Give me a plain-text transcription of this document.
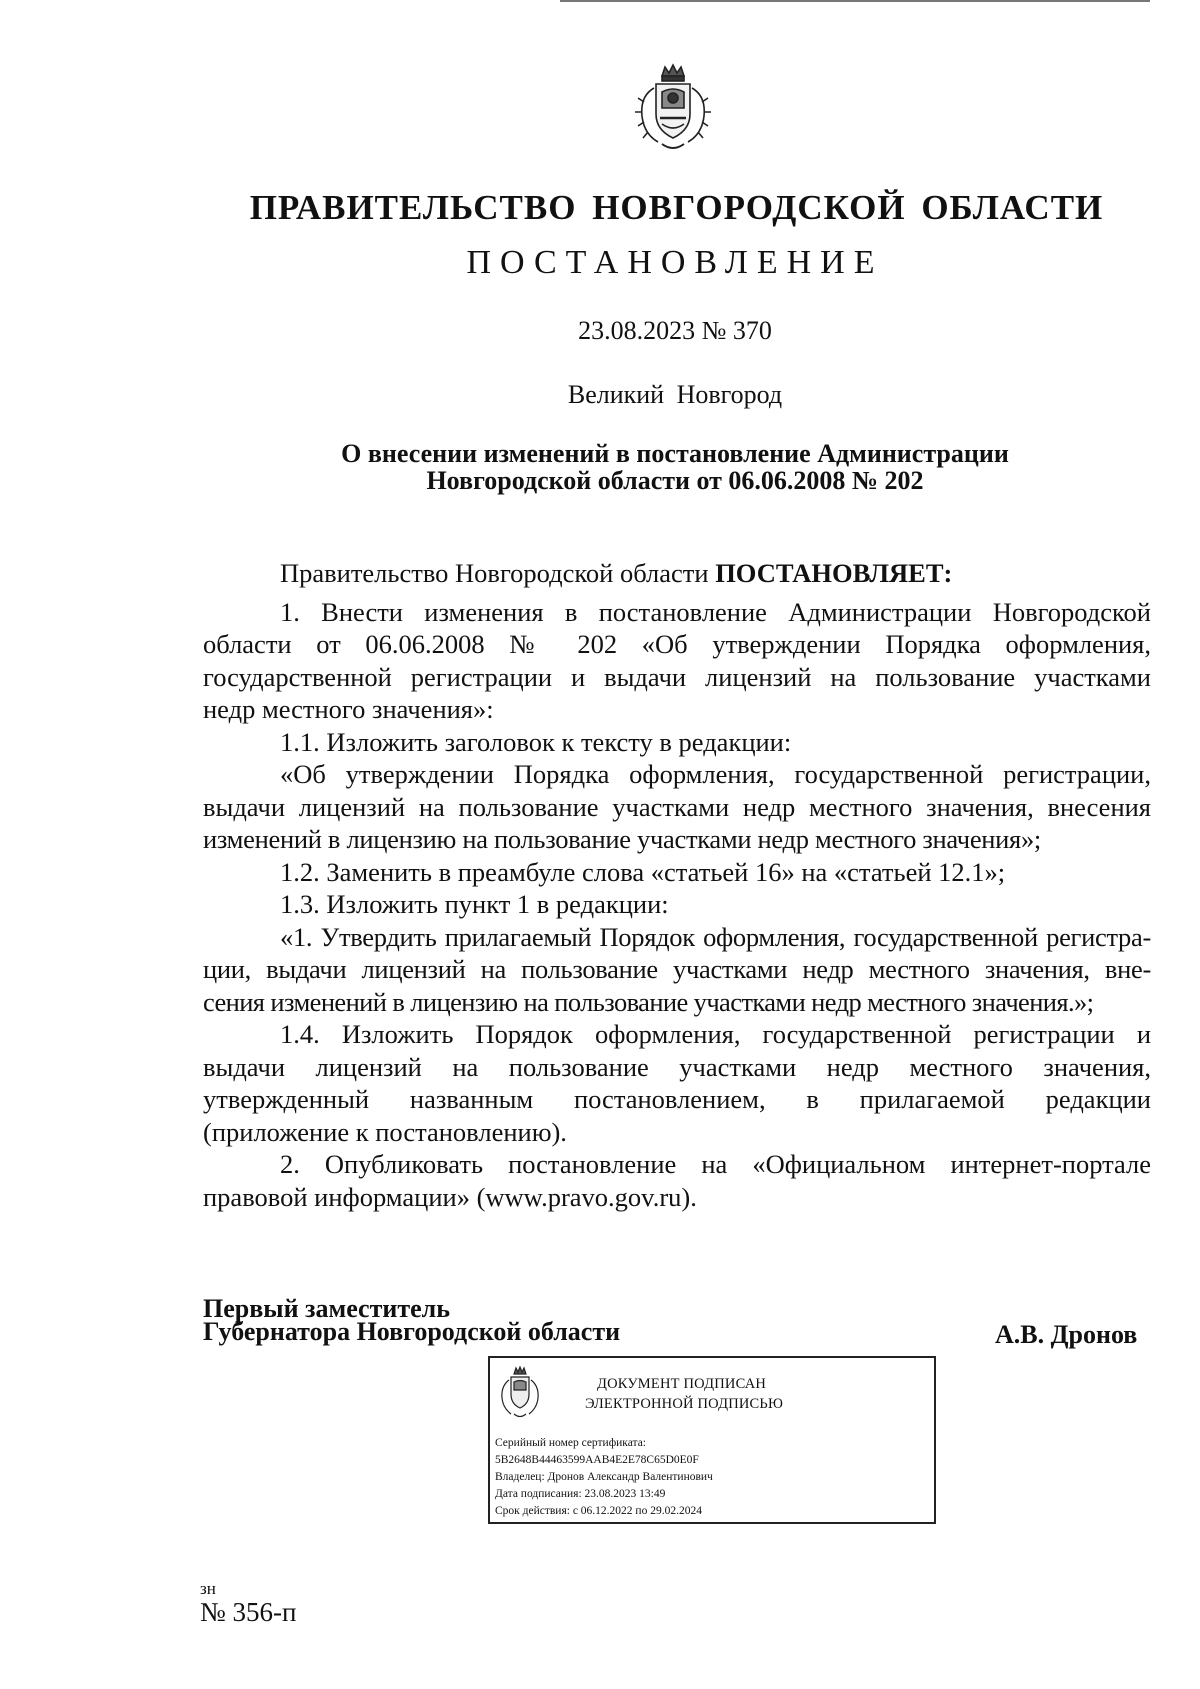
ПРАВИТЕЛЬСТВО НОВГОРОДСКОЙ ОБЛАСТИ
ПОСТАНОВЛЕНИЕ
23.08.2023 № 370
Великий Новгород
О внесении изменений в постановление Администрации
Новгородской области от 06.06.2008 № 202

Правительство Новгородской области ПОСТАНОВЛЯЕТ:

1. Внести изменения в постановление Администрации Новгородской

области от 06.06.2008 № 202 «Об утверждении Порядка оформления,

государственной регистрации и выдачи лицензий на пользование участками

недр местного значения»:

1.1. Изложить заголовок к тексту в редакции:

«Об утверждении Порядка оформления, государственной регистрации,

выдачи лицензий на пользование участками недр местного значения, внесения

изменений в лицензию на пользование участками недр местного значения»;

1.2. Заменить в преамбуле слова «статьей 16» на «статьей 12.1»;

1.3. Изложить пункт 1 в редакции:

«1. Утвердить прилагаемый Порядок оформления, государственной регистра-

ции, выдачи лицензий на пользование участками недр местного значения, вне-

сения изменений в лицензию на пользование участками недр местного значения.»;

1.4. Изложить Порядок оформления, государственной регистрации и

выдачи лицензий на пользование участками недр местного значения,

утвержденный названным постановлением, в прилагаемой редакции

(приложение к постановлению).

2. Опубликовать постановление на «Официальном интернет-портале

правовой информации» (www.pravo.gov.ru).

Первый заместитель
Губернатора Новгородской области	А.В. Дронов
ДОКУМЕНТ ПОДПИСАН
ЭЛЕКТРОННОЙ ПОДПИСЬЮ
Серийный номер сертификата:
5B2648B44463599AAB4E2E78C65D0E0F
Владелец: Дронов Александр Валентинович
Дата подписания: 23.08.2023 13:49
Срок действия: с 06.12.2022 по 29.02.2024
зн
№ 356-п
